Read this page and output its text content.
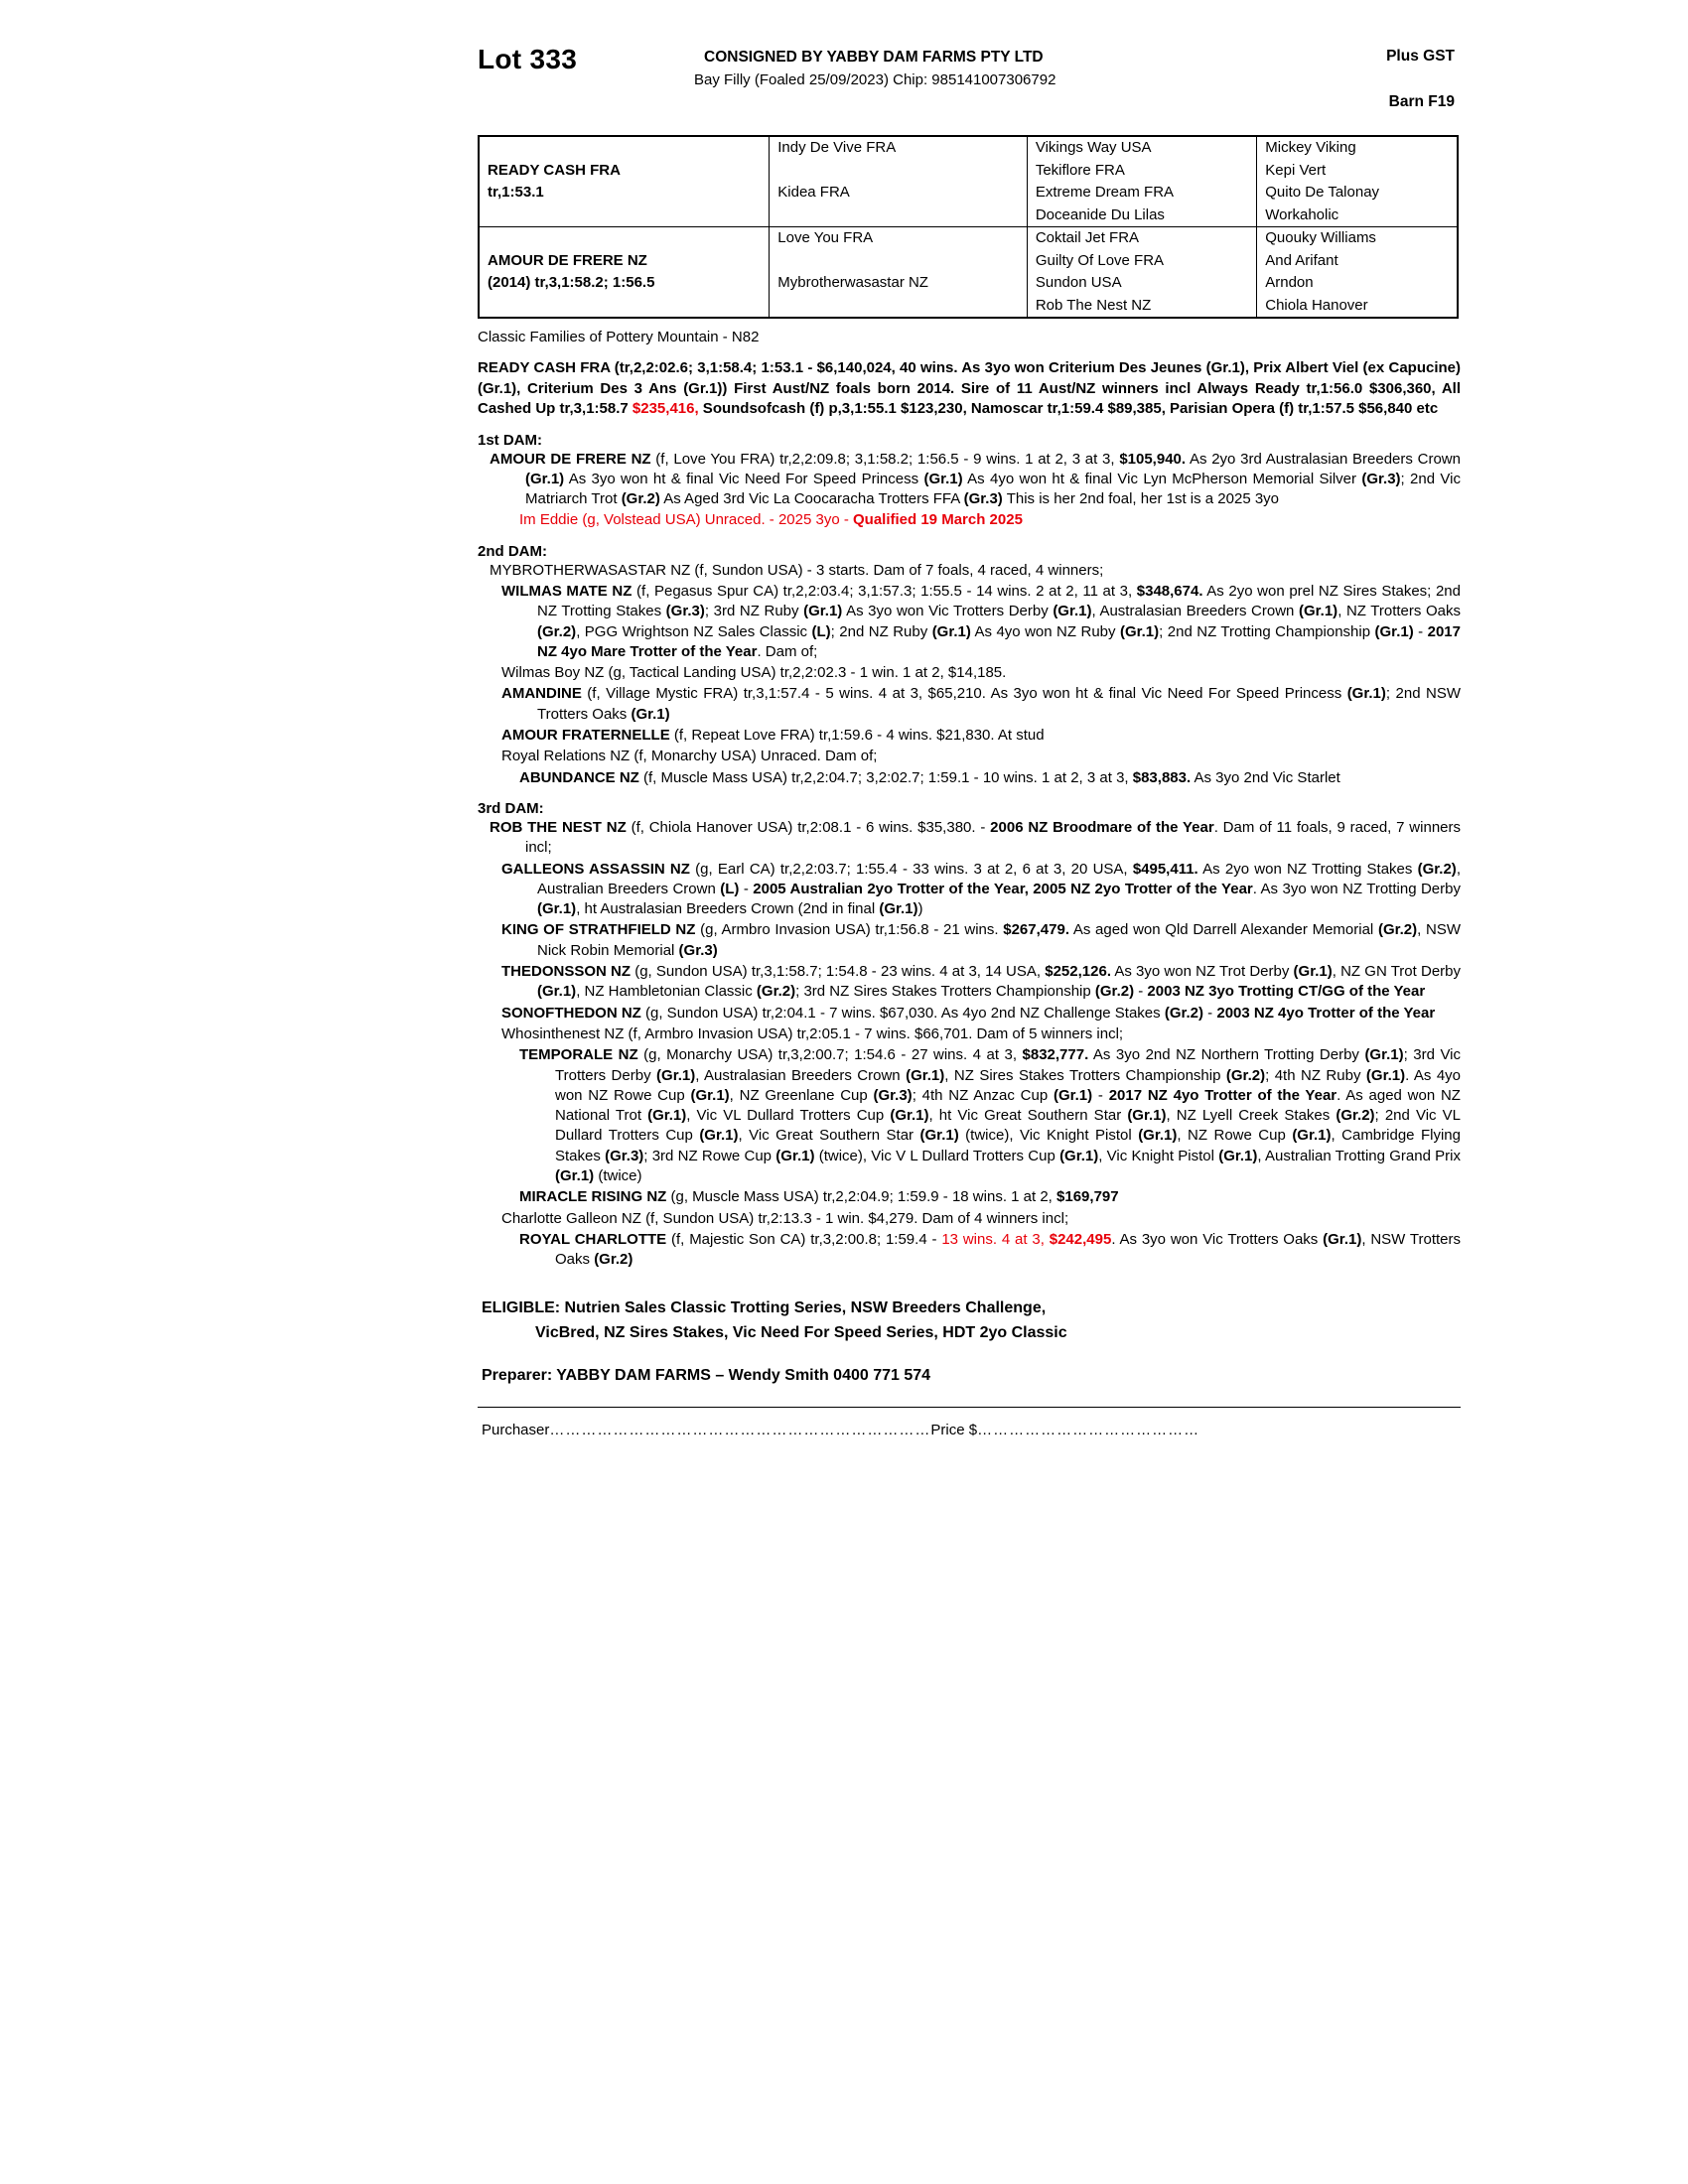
Lot 333	CONSIGNED BY YABBY DAM FARMS PTY LTD
Bay Filly (Foaled 25/09/2023) Chip: 985141007306792
Plus GST
Barn F19
	Indy De Vive FRA	Vikings Way USA	Mickey Viking
READY CASH FRA		Tekiflore FRA	Kepi Vert
tr,1:53.1	Kidea FRA	Extreme Dream FRA	Quito De Talonay
		Doceanide Du Lilas	Workaholic
	Love You FRA	Coktail Jet FRA	Quouky Williams
AMOUR DE FRERE NZ		Guilty Of Love FRA	And Arifant
(2014) tr,3,1:58.2; 1:56.5	Mybrotherwasastar NZ	Sundon USA	Arndon
		Rob The Nest NZ	Chiola Hanover
Classic Families of Pottery Mountain - N82
READY CASH FRA (tr,2,2:02.6; 3,1:58.4; 1:53.1 - $6,140,024, 40 wins. As 3yo won Criterium Des Jeunes (Gr.1), Prix Albert Viel (ex Capucine) (Gr.1), Criterium Des 3 Ans (Gr.1)) First Aust/NZ foals born 2014. Sire of 11 Aust/NZ winners incl Always Ready tr,1:56.0 $306,360, All Cashed Up tr,3,1:58.7 $235,416, Soundsofcash (f) p,3,1:55.1 $123,230, Namoscar tr,1:59.4 $89,385, Parisian Opera (f) tr,1:57.5 $56,840 etc
1st DAM:
AMOUR DE FRERE NZ (f, Love You FRA) tr,2,2:09.8; 3,1:58.2; 1:56.5 - 9 wins. 1 at 2, 3 at 3, $105,940. As 2yo 3rd Australasian Breeders Crown (Gr.1) As 3yo won ht & final Vic Need For Speed Princess (Gr.1) As 4yo won ht & final Vic Lyn McPherson Memorial Silver (Gr.3); 2nd Vic Matriarch Trot (Gr.2) As Aged 3rd Vic La Coocaracha Trotters FFA (Gr.3) This is her 2nd foal, her 1st is a 2025 3yo
Im Eddie (g, Volstead USA) Unraced. - 2025 3yo - Qualified 19 March 2025
2nd DAM:
MYBROTHERWASASTAR NZ (f, Sundon USA) - 3 starts. Dam of 7 foals, 4 raced, 4 winners;
WILMAS MATE NZ (f, Pegasus Spur CA) tr,2,2:03.4; 3,1:57.3; 1:55.5 - 14 wins. 2 at 2, 11 at 3, $348,674. As 2yo won prel NZ Sires Stakes; 2nd NZ Trotting Stakes (Gr.3); 3rd NZ Ruby (Gr.1) As 3yo won Vic Trotters Derby (Gr.1), Australasian Breeders Crown (Gr.1), NZ Trotters Oaks (Gr.2), PGG Wrightson NZ Sales Classic (L); 2nd NZ Ruby (Gr.1) As 4yo won NZ Ruby (Gr.1); 2nd NZ Trotting Championship (Gr.1) - 2017 NZ 4yo Mare Trotter of the Year. Dam of;
Wilmas Boy NZ (g, Tactical Landing USA) tr,2,2:02.3 - 1 win. 1 at 2, $14,185.
AMANDINE (f, Village Mystic FRA) tr,3,1:57.4 - 5 wins. 4 at 3, $65,210. As 3yo won ht & final Vic Need For Speed Princess (Gr.1); 2nd NSW Trotters Oaks (Gr.1)
AMOUR FRATERNELLE (f, Repeat Love FRA) tr,1:59.6 - 4 wins. $21,830. At stud
Royal Relations NZ (f, Monarchy USA) Unraced. Dam of;
ABUNDANCE NZ (f, Muscle Mass USA) tr,2,2:04.7; 3,2:02.7; 1:59.1 - 10 wins. 1 at 2, 3 at 3, $83,883. As 3yo 2nd Vic Starlet
3rd DAM:
ROB THE NEST NZ (f, Chiola Hanover USA) tr,2:08.1 - 6 wins. $35,380. - 2006 NZ Broodmare of the Year. Dam of 11 foals, 9 raced, 7 winners incl;
GALLEONS ASSASSIN NZ (g, Earl CA) tr,2,2:03.7; 1:55.4 - 33 wins. 3 at 2, 6 at 3, 20 USA, $495,411. As 2yo won NZ Trotting Stakes (Gr.2), Australian Breeders Crown (L) - 2005 Australian 2yo Trotter of the Year, 2005 NZ 2yo Trotter of the Year. As 3yo won NZ Trotting Derby (Gr.1), ht Australasian Breeders Crown (2nd in final (Gr.1))
KING OF STRATHFIELD NZ (g, Armbro Invasion USA) tr,1:56.8 - 21 wins. $267,479. As aged won Qld Darrell Alexander Memorial (Gr.2), NSW Nick Robin Memorial (Gr.3)
THEDONSSON NZ (g, Sundon USA) tr,3,1:58.7; 1:54.8 - 23 wins. 4 at 3, 14 USA, $252,126. As 3yo won NZ Trot Derby (Gr.1), NZ GN Trot Derby (Gr.1), NZ Hambletonian Classic (Gr.2); 3rd NZ Sires Stakes Trotters Championship (Gr.2) - 2003 NZ 3yo Trotting CT/GG of the Year
SONOFTHEDON NZ (g, Sundon USA) tr,2:04.1 - 7 wins. $67,030. As 4yo 2nd NZ Challenge Stakes (Gr.2) - 2003 NZ 4yo Trotter of the Year
Whosinthenest NZ (f, Armbro Invasion USA) tr,2:05.1 - 7 wins. $66,701. Dam of 5 winners incl;
TEMPORALE NZ (g, Monarchy USA) tr,3,2:00.7; 1:54.6 - 27 wins. 4 at 3, $832,777. As 3yo 2nd NZ Northern Trotting Derby (Gr.1); 3rd Vic Trotters Derby (Gr.1), Australasian Breeders Crown (Gr.1), NZ Sires Stakes Trotters Championship (Gr.2); 4th NZ Ruby (Gr.1). As 4yo won NZ Rowe Cup (Gr.1), NZ Greenlane Cup (Gr.3); 4th NZ Anzac Cup (Gr.1) - 2017 NZ 4yo Trotter of the Year. As aged won NZ National Trot (Gr.1), Vic VL Dullard Trotters Cup (Gr.1), ht Vic Great Southern Star (Gr.1), NZ Lyell Creek Stakes (Gr.2); 2nd Vic VL Dullard Trotters Cup (Gr.1), Vic Great Southern Star (Gr.1) (twice), Vic Knight Pistol (Gr.1), NZ Rowe Cup (Gr.1), Cambridge Flying Stakes (Gr.3); 3rd NZ Rowe Cup (Gr.1) (twice), Vic V L Dullard Trotters Cup (Gr.1), Vic Knight Pistol (Gr.1), Australian Trotting Grand Prix (Gr.1) (twice)
MIRACLE RISING NZ (g, Muscle Mass USA) tr,2,2:04.9; 1:59.9 - 18 wins. 1 at 2, $169,797
Charlotte Galleon NZ (f, Sundon USA) tr,2:13.3 - 1 win. $4,279. Dam of 4 winners incl;
ROYAL CHARLOTTE (f, Majestic Son CA) tr,3,2:00.8; 1:59.4 - 13 wins. 4 at 3, $242,495. As 3yo won Vic Trotters Oaks (Gr.1), NSW Trotters Oaks (Gr.2)
ELIGIBLE: Nutrien Sales Classic Trotting Series, NSW Breeders Challenge,
VicBred, NZ Sires Stakes, Vic Need For Speed Series, HDT 2yo Classic
Preparer: YABBY DAM FARMS – Wendy Smith 0400 771 574
Purchaser………………………………………………………………Price $……………………………………
